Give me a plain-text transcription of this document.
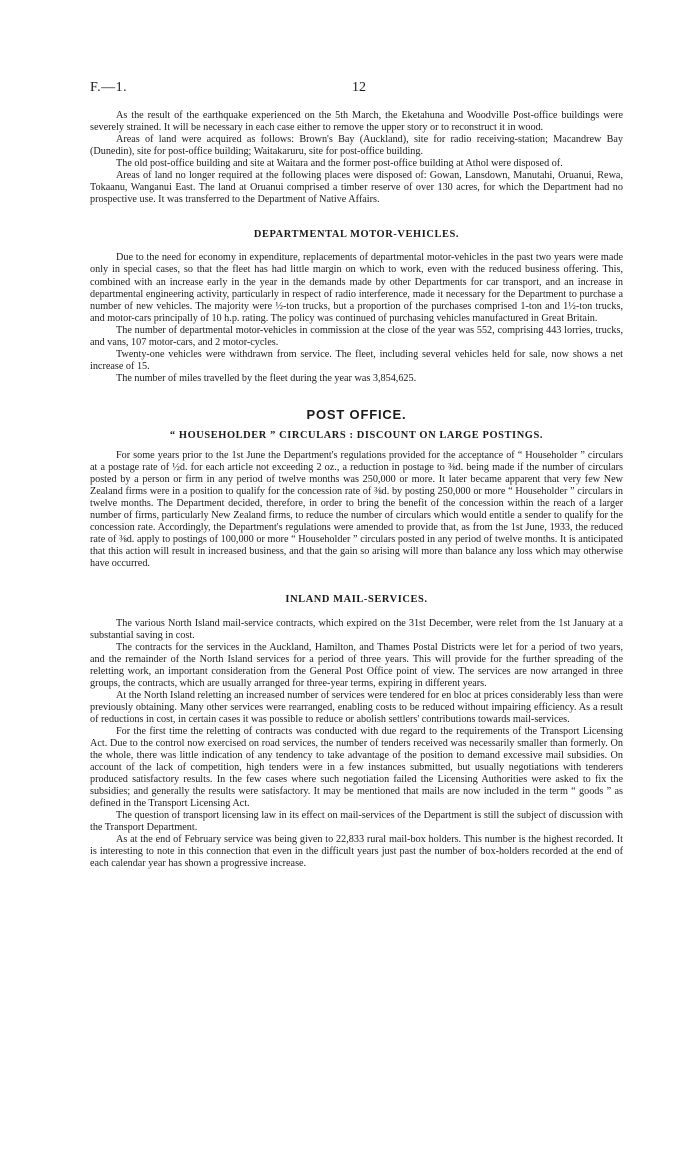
F.—1.	12

As the result of the earthquake experienced on the 5th March, the Eketahuna and Woodville Post-office buildings were severely strained. It will be necessary in each case either to remove the upper story or to reconstruct it in wood.

Areas of land were acquired as follows: Brown's Bay (Auckland), site for radio receiving-station; Macandrew Bay (Dunedin), site for post-office building; Waitakaruru, site for post-office building.

The old post-office building and site at Waitara and the former post-office building at Athol were disposed of.

Areas of land no longer required at the following places were disposed of: Gowan, Lansdown, Manutahi, Oruanui, Rewa, Tokaanu, Wanganui East. The land at Oruanui comprised a timber reserve of over 130 acres, for which the Department had no prospective use. It was transferred to the Department of Native Affairs.

DEPARTMENTAL MOTOR-VEHICLES.

Due to the need for economy in expenditure, replacements of departmental motor-vehicles in the past two years were made only in special cases, so that the fleet has had little margin on which to work, even with the reduced business offering. This, combined with an increase early in the year in the demands made by other Departments for car transport, and an increase in departmental engineering activity, particularly in respect of radio interference, made it necessary for the Department to purchase a number of new vehicles. The majority were ½-ton trucks, but a proportion of the purchases comprised 1-ton and 1½-ton trucks, and motor-cars principally of 10 h.p. rating. The policy was continued of purchasing vehicles manufactured in Great Britain.

The number of departmental motor-vehicles in commission at the close of the year was 552, comprising 443 lorries, trucks, and vans, 107 motor-cars, and 2 motor-cycles.

Twenty-one vehicles were withdrawn from service. The fleet, including several vehicles held for sale, now shows a net increase of 15.

The number of miles travelled by the fleet during the year was 3,854,625.

POST OFFICE.
“ HOUSEHOLDER ” CIRCULARS : DISCOUNT ON LARGE POSTINGS.

For some years prior to the 1st June the Department's regulations provided for the acceptance of “ Householder ” circulars at a postage rate of ½d. for each article not exceeding 2 oz., a reduction in postage to ⅜d. being made if the number of circulars posted by a person or firm in any period of twelve months was 250,000 or more. It later became apparent that very few New Zealand firms were in a position to qualify for the concession rate of ⅜d. by posting 250,000 or more “ Householder ” circulars in twelve months. The Department decided, therefore, in order to bring the benefit of the concession within the reach of a larger number of firms, particularly New Zealand firms, to reduce the number of circulars which would entitle a sender to qualify for the concession rate. Accordingly, the Department's regulations were amended to provide that, as from the 1st June, 1933, the reduced rate of ⅜d. apply to postings of 100,000 or more “ Householder ” circulars posted in any period of twelve months. It is anticipated that this action will result in increased business, and that the gain so arising will more than balance any loss which may otherwise have occurred.

INLAND MAIL-SERVICES.

The various North Island mail-service contracts, which expired on the 31st December, were relet from the 1st January at a substantial saving in cost.

The contracts for the services in the Auckland, Hamilton, and Thames Postal Districts were let for a period of two years, and the remainder of the North Island services for a period of three years. This will provide for the further spreading of the reletting work, an important consideration from the General Post Office point of view. The services are now arranged in three groups, the contracts, which are usually arranged for three-year terms, expiring in different years.

At the North Island reletting an increased number of services were tendered for en bloc at prices considerably less than were previously obtaining. Many other services were rearranged, enabling costs to be reduced without impairing efficiency. As a result of reductions in cost, in certain cases it was possible to reduce or abolish settlers' contributions towards mail-services.

For the first time the reletting of contracts was conducted with due regard to the requirements of the Transport Licensing Act. Due to the control now exercised on road services, the number of tenders received was necessarily smaller than formerly. On the whole, there was little indication of any tendency to take advantage of the position to demand excessive mail subsidies. On account of the lack of competition, high tenders were in a few instances submitted, but usually negotiations with tenderers produced satisfactory results. In the few cases where such negotiation failed the Licensing Authorities were asked to fix the subsidies; and generally the results were satisfactory. It may be mentioned that mails are now included in the term “ goods ” as defined in the Transport Licensing Act.

The question of transport licensing law in its effect on mail-services of the Department is still the subject of discussion with the Transport Department.

As at the end of February service was being given to 22,833 rural mail-box holders. This number is the highest recorded. It is interesting to note in this connection that even in the difficult years just past the number of box-holders recorded at the end of each calendar year has shown a progressive increase.
